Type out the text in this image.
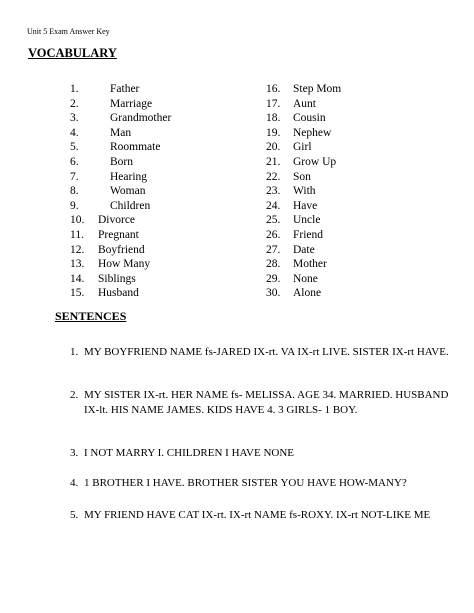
Unit 5 Exam Answer Key
VOCABULARY
1.	Father
2.	Marriage
3.	Grandmother
4.	Man
5.	Roommate
6.	Born
7.	Hearing
8.	Woman
9.	Children
10. Divorce
11. Pregnant
12. Boyfriend
13. How Many
14. Siblings
15. Husband
16. Step Mom
17. Aunt
18. Cousin
19. Nephew
20. Girl
21. Grow Up
22. Son
23. With
24. Have
25. Uncle
26. Friend
27. Date
28. Mother
29. None
30. Alone
SENTENCES
1. MY BOYFRIEND NAME fs-JARED IX-rt. VA IX-rt LIVE. SISTER IX-rt HAVE.
2. MY SISTER IX-rt. HER NAME fs- MELISSA. AGE 34. MARRIED. HUSBAND IX-lt. HIS NAME JAMES. KIDS HAVE 4. 3 GIRLS- 1 BOY.
3. I NOT MARRY I. CHILDREN I HAVE NONE
4. 1 BROTHER I HAVE. BROTHER SISTER YOU HAVE HOW-MANY?
5. MY FRIEND HAVE CAT IX-rt. IX-rt NAME fs-ROXY. IX-rt NOT-LIKE ME
